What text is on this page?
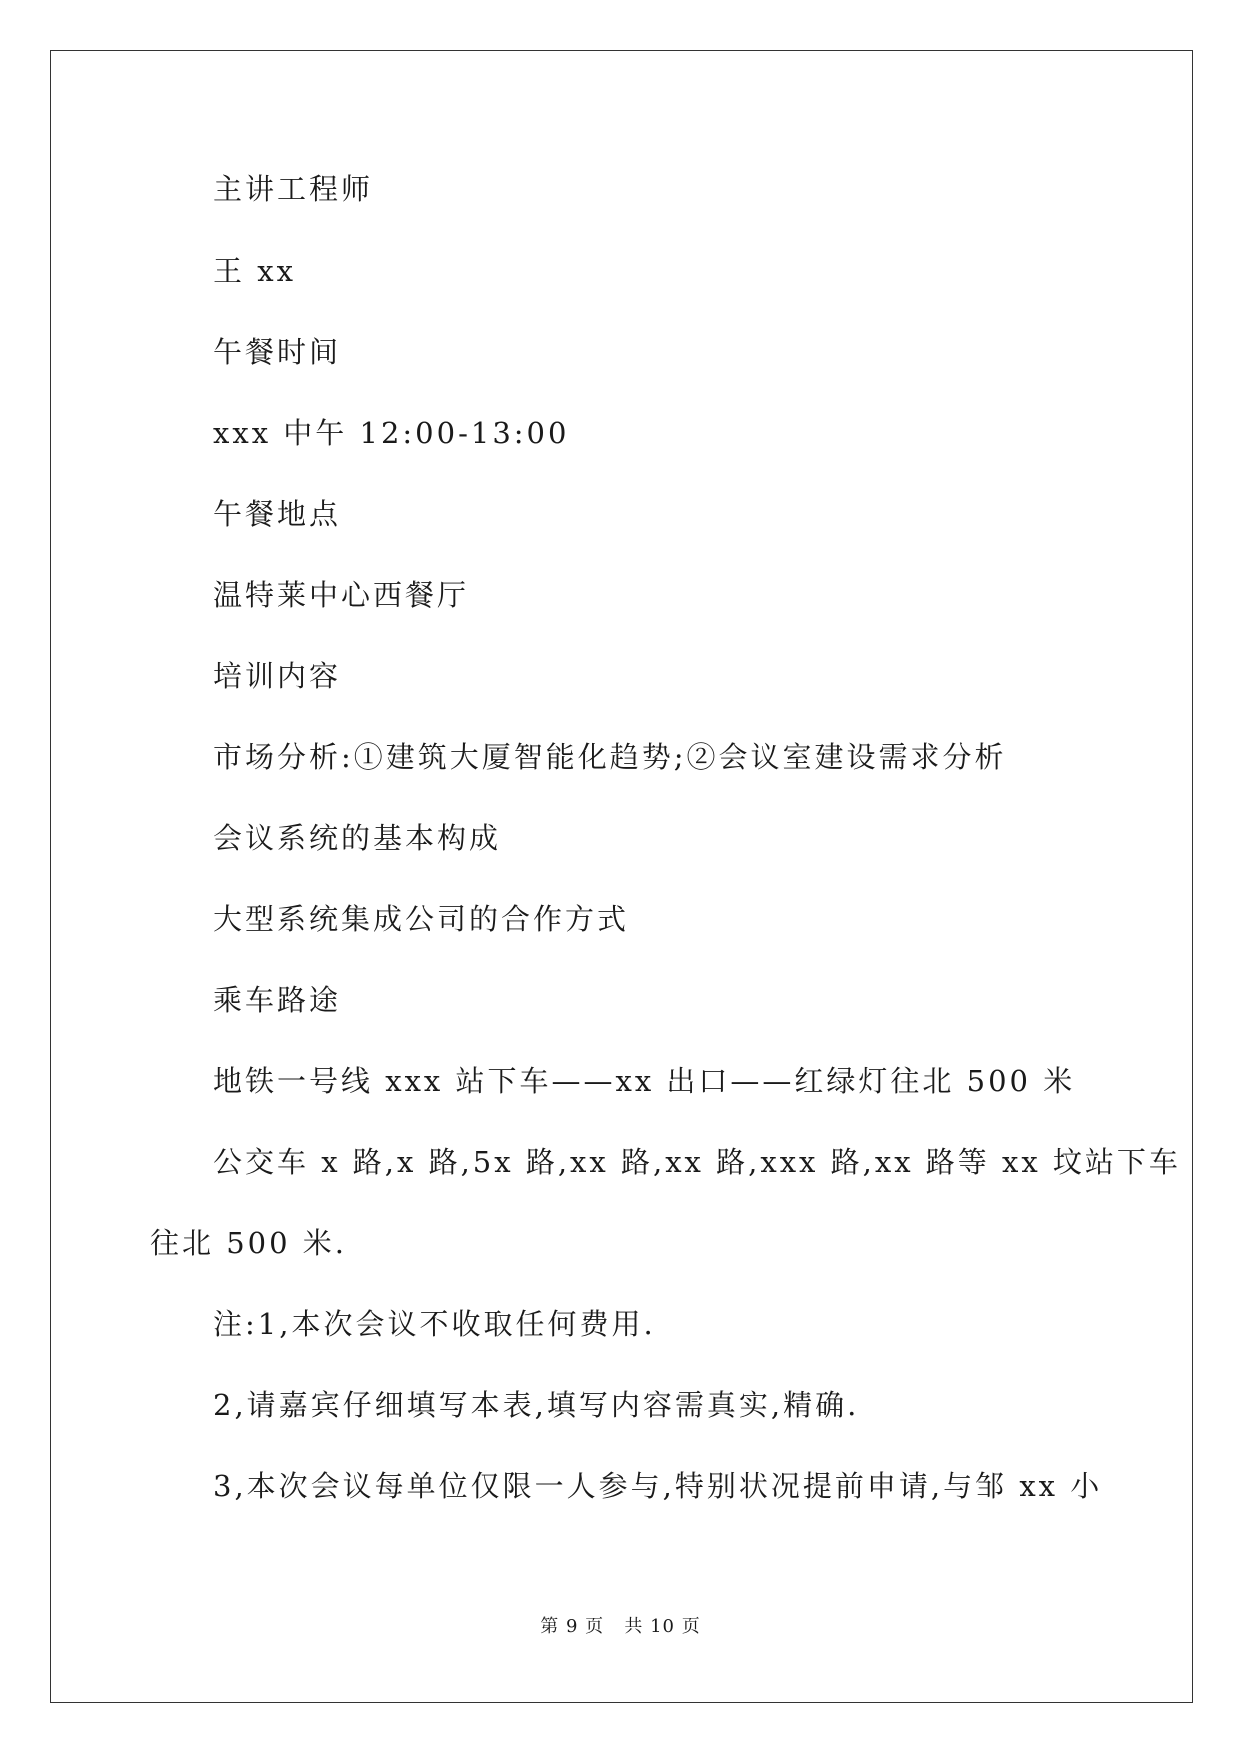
主讲工程师
王 xx
午餐时间
xxx 中午 12:00-13:00
午餐地点
温特莱中心西餐厅
培训内容
市场分析:①建筑大厦智能化趋势;②会议室建设需求分析
会议系统的基本构成
大型系统集成公司的合作方式
乘车路途
地铁一号线 xxx 站下车——xx 出口——红绿灯往北 500 米
公交车 x 路,x 路,5x 路,xx 路,xx 路,xxx 路,xx 路等 xx 坟站下车
往北 500 米.
注:1,本次会议不收取任何费用.
2,请嘉宾仔细填写本表,填写内容需真实,精确.
3,本次会议每单位仅限一人参与,特别状况提前申请,与邹 xx 小
第 9 页   共 10 页
